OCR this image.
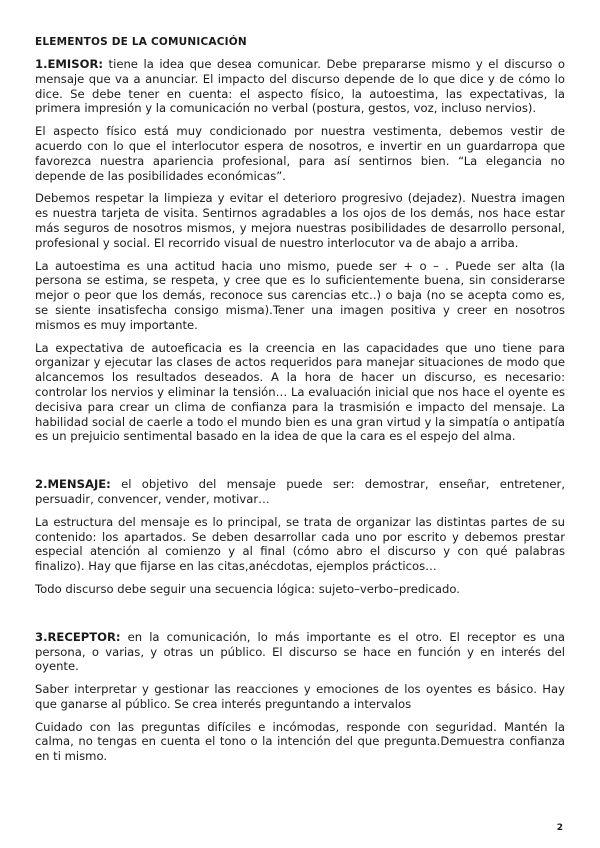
ELEMENTOS DE LA COMUNICACIÓN

1.EMISOR: tiene la idea que desea comunicar. Debe prepararse mismo y el discurso o mensaje que va a anunciar. El impacto del discurso depende de lo que dice y de cómo lo dice. Se debe tener en cuenta: el aspecto físico, la autoestima, las expectativas, la primera impresión y la comunicación no verbal (postura, gestos, voz, incluso nervios).

El aspecto físico está muy condicionado por nuestra vestimenta, debemos vestir de acuerdo con lo que el interlocutor espera de nosotros, e invertir en un guardarropa que favorezca nuestra apariencia profesional, para así sentirnos bien. “La elegancia no depende de las posibilidades económicas”.

Debemos respetar la limpieza y evitar el deterioro progresivo (dejadez). Nuestra imagen es nuestra tarjeta de visita. Sentirnos agradables a los ojos de los demás, nos hace estar más seguros de nosotros mismos, y mejora nuestras posibilidades de desarrollo personal, profesional y social. El recorrido visual de nuestro interlocutor va de abajo a arriba.

La autoestima es una actitud hacia uno mismo, puede ser + o – . Puede ser alta (la persona se estima, se respeta, y cree que es lo suficientemente buena, sin considerarse mejor o peor que los demás, reconoce sus carencias etc..) o baja (no se acepta como es, se siente insatisfecha consigo misma).Tener una imagen positiva y creer en nosotros mismos es muy importante.

La expectativa de autoeficacia es la creencia en las capacidades que uno tiene para organizar y ejecutar las clases de actos requeridos para manejar situaciones de modo que alcancemos los resultados deseados. A la hora de hacer un discurso, es necesario: controlar los nervios y eliminar la tensión… La evaluación inicial que nos hace el oyente es decisiva para crear un clima de confianza para la trasmisión e impacto del mensaje. La habilidad social de caerle a todo el mundo bien es una gran virtud y la simpatía o antipatía es un prejuicio sentimental basado en la idea de que la cara es el espejo del alma.

2.MENSAJE: el objetivo del mensaje puede ser: demostrar, enseñar, entretener, persuadir, convencer, vender, motivar…

La estructura del mensaje es lo principal, se trata de organizar las distintas partes de su contenido: los apartados. Se deben desarrollar cada uno por escrito y debemos prestar especial atención al comienzo y al final (cómo abro el discurso y con qué palabras finalizo). Hay que fijarse en las citas,anécdotas, ejemplos prácticos…

Todo discurso debe seguir una secuencia lógica: sujeto–verbo–predicado.

3.RECEPTOR: en la comunicación, lo más importante es el otro. El receptor es una persona, o varias, y otras un público. El discurso se hace en función y en interés del oyente.

Saber interpretar y gestionar las reacciones y emociones de los oyentes es básico. Hay que ganarse al público. Se crea interés preguntando a intervalos

Cuidado con las preguntas difíciles e incómodas, responde con seguridad. Mantén la calma, no tengas en cuenta el tono o la intención del que pregunta.Demuestra confianza en ti mismo.

2
